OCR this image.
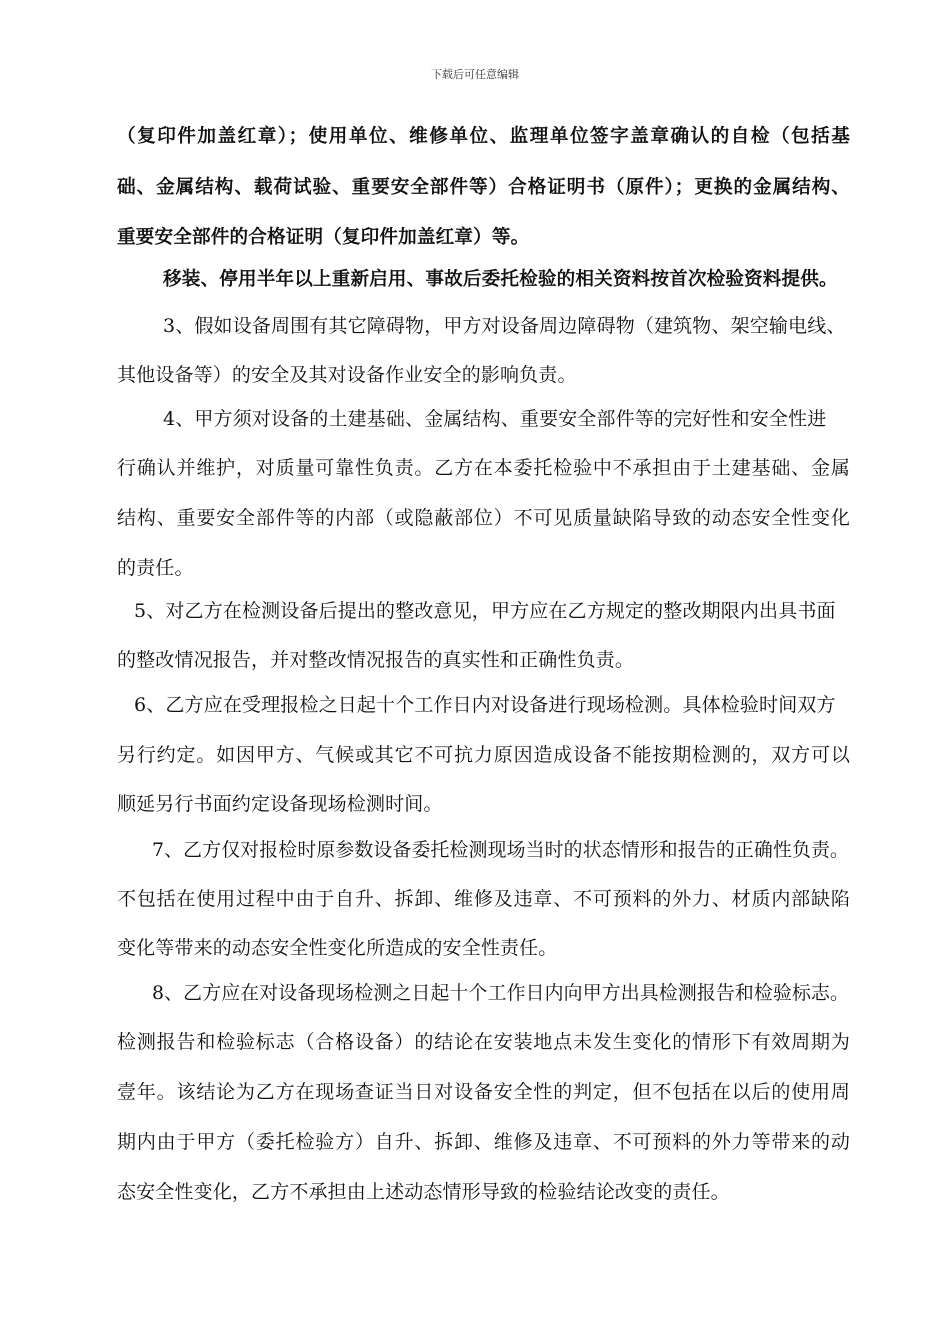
下载后可任意编辑
（复印件加盖红章）；使用单位、维修单位、监理单位签字盖章确认的自检（包括基
础、金属结构、载荷试验、重要安全部件等）合格证明书（原件）；更换的金属结构、
重要安全部件的合格证明（复印件加盖红章）等。
移装、停用半年以上重新启用、事故后委托检验的相关资料按首次检验资料提供。
3、假如设备周围有其它障碍物，甲方对设备周边障碍物（建筑物、架空输电线、
其他设备等）的安全及其对设备作业安全的影响负责。
4、甲方须对设备的土建基础、金属结构、重要安全部件等的完好性和安全性进
行确认并维护，对质量可靠性负责。乙方在本委托检验中不承担由于土建基础、金属
结构、重要安全部件等的内部（或隐蔽部位）不可见质量缺陷导致的动态安全性变化
的责任。
5、对乙方在检测设备后提出的整改意见，甲方应在乙方规定的整改期限内出具书面
的整改情况报告，并对整改情况报告的真实性和正确性负责。
6、乙方应在受理报检之日起十个工作日内对设备进行现场检测。具体检验时间双方
另行约定。如因甲方、气候或其它不可抗力原因造成设备不能按期检测的，双方可以
顺延另行书面约定设备现场检测时间。
7、乙方仅对报检时原参数设备委托检测现场当时的状态情形和报告的正确性负责。
不包括在使用过程中由于自升、拆卸、维修及违章、不可预料的外力、材质内部缺陷
变化等带来的动态安全性变化所造成的安全性责任。
8、乙方应在对设备现场检测之日起十个工作日内向甲方出具检测报告和检验标志。
检测报告和检验标志（合格设备）的结论在安装地点未发生变化的情形下有效周期为
壹年。该结论为乙方在现场查证当日对设备安全性的判定，但不包括在以后的使用周
期内由于甲方（委托检验方）自升、拆卸、维修及违章、不可预料的外力等带来的动
态安全性变化，乙方不承担由上述动态情形导致的检验结论改变的责任。
